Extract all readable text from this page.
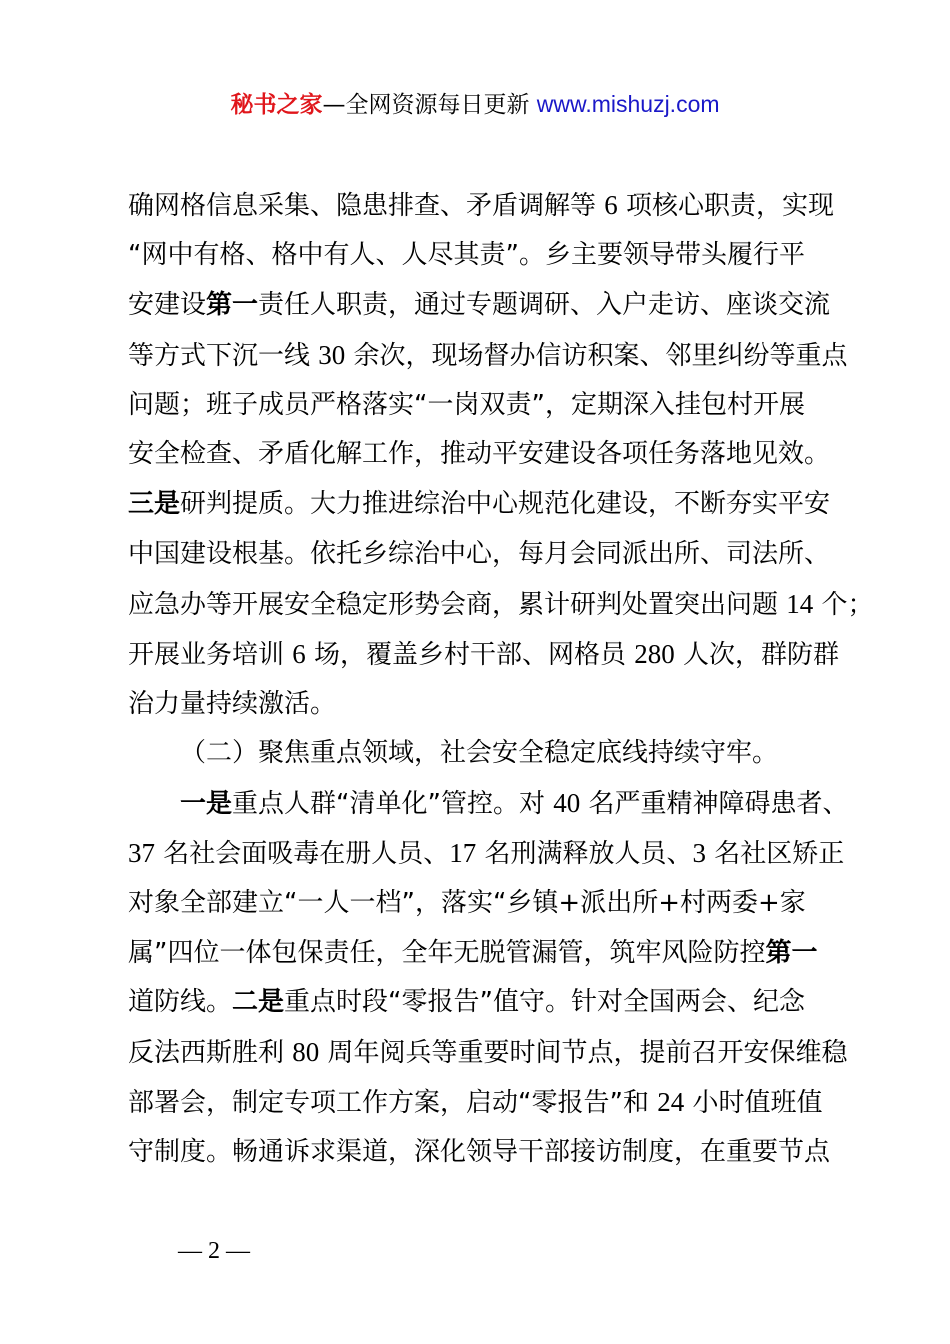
秘书之家—全网资源每日更新 www.mishuzj.com
确网格信息采集、隐患排查、矛盾调解等 6 项核心职责，实现
“网中有格、格中有人、人尽其责”。乡主要领导带头履行平
安建设第一责任人职责，通过专题调研、入户走访、座谈交流
等方式下沉一线 30 余次，现场督办信访积案、邻里纠纷等重点
问题；班子成员严格落实“一岗双责”，定期深入挂包村开展
安全检查、矛盾化解工作，推动平安建设各项任务落地见效。
三是研判提质。大力推进综治中心规范化建设，不断夯实平安
中国建设根基。依托乡综治中心，每月会同派出所、司法所、
应急办等开展安全稳定形势会商，累计研判处置突出问题 14 个；
开展业务培训 6 场，覆盖乡村干部、网格员 280 人次，群防群
治力量持续激活。
（二）聚焦重点领域，社会安全稳定底线持续守牢。
一是重点人群“清单化”管控。对 40 名严重精神障碍患者、
37 名社会面吸毒在册人员、17 名刑满释放人员、3 名社区矫正
对象全部建立“一人一档”，落实“乡镇+派出所+村两委+家
属”四位一体包保责任，全年无脱管漏管，筑牢风险防控第一
道防线。二是重点时段“零报告”值守。针对全国两会、纪念
反法西斯胜利 80 周年阅兵等重要时间节点，提前召开安保维稳
部署会，制定专项工作方案，启动“零报告”和 24 小时值班值
守制度。畅通诉求渠道，深化领导干部接访制度，在重要节点
— 2 —
